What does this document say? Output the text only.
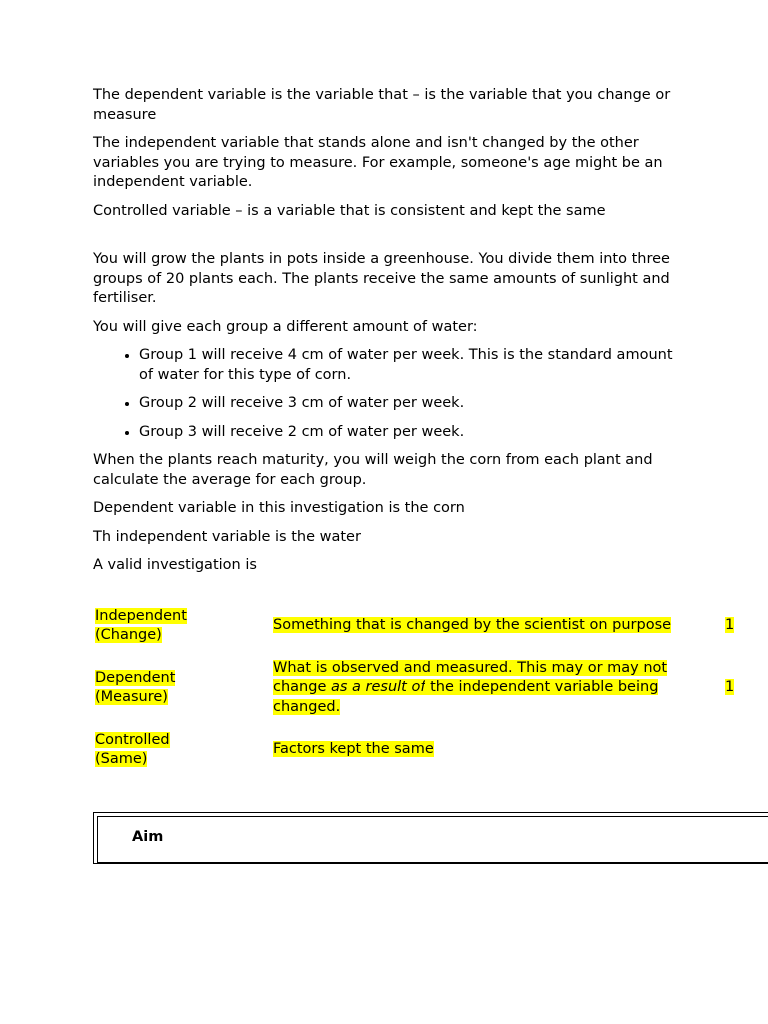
The dependent variable is the variable that – is the variable that you change or measure

The independent variable that stands alone and isn't changed by the other variables you are trying to measure. For example, someone's age might be an independent variable.

Controlled variable – is a variable that is consistent and kept the same

You will grow the plants in pots inside a greenhouse. You divide them into three groups of 20 plants each. The plants receive the same amounts of sunlight and fertiliser.

You will give each group a different amount of water:

• Group 1 will receive 4 cm of water per week. This is the standard amount of water for this type of corn.
• Group 2 will receive 3 cm of water per week.
• Group 3 will receive 2 cm of water per week.

When the plants reach maturity, you will weigh the corn from each plant and calculate the average for each group.

Dependent variable in this investigation is the corn

Th independent variable is the water

A valid investigation is

Independent
(Change)	Something that is changed by the scientist on purpose	1
Dependent
(Measure)	What is observed and measured. This may or may not change as a result of the independent variable being changed.	1
Controlled
(Same)	Factors kept the same	
Aim
